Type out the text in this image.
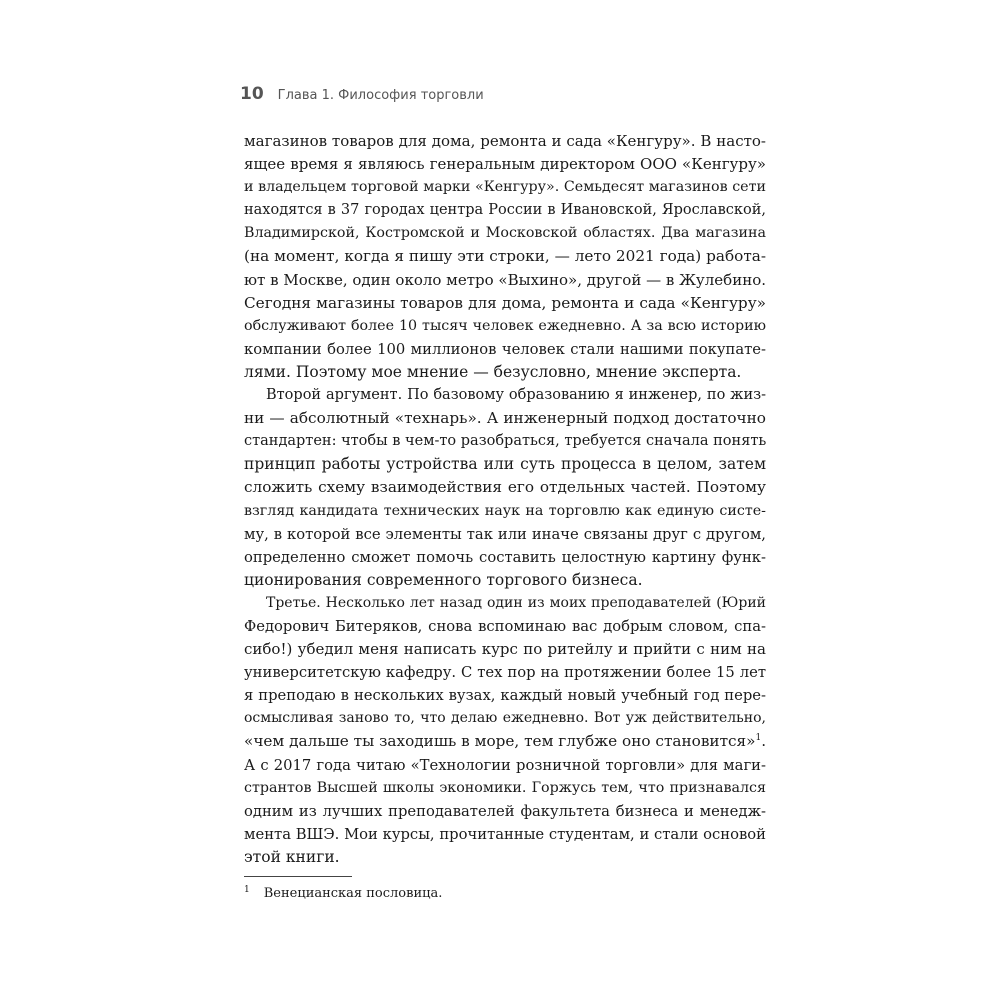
10 Глава 1. Философия торговли
магазинов товаров для дома, ремонта и сада «Кенгуру». В насто-
ящее время я являюсь генеральным директором ООО «Кенгуру»
и владельцем торговой марки «Кенгуру». Семьдесят магазинов сети
находятся в 37 городах центра России в Ивановской, Ярославской,
Владимирской, Костромской и Московской областях. Два магазина
(на момент, когда я пишу эти строки, — лето 2021 года) работа-
ют в Москве, один около метро «Выхино», другой — в Жулебино.
Сегодня магазины товаров для дома, ремонта и сада «Кенгуру»
обслуживают более 10 тысяч человек ежедневно. А за всю историю
компании более 100 миллионов человек стали нашими покупате-
лями. Поэтому мое мнение — безусловно, мнение эксперта.
Второй аргумент. По базовому образованию я инженер, по жиз-
ни — абсолютный «технарь». А инженерный подход достаточно
стандартен: чтобы в чем-то разобраться, требуется сначала понять
принцип работы устройства или суть процесса в целом, затем
сложить схему взаимодействия его отдельных частей. Поэтому
взгляд кандидата технических наук на торговлю как единую систе-
му, в которой все элементы так или иначе связаны друг с другом,
определенно сможет помочь составить целостную картину функ-
ционирования современного торгового бизнеса.
Третье. Несколько лет назад один из моих преподавателей (Юрий
Федорович Битеряков, снова вспоминаю вас добрым словом, спа-
сибо!) убедил меня написать курс по ритейлу и прийти с ним на
университетскую кафедру. С тех пор на протяжении более 15 лет
я преподаю в нескольких вузах, каждый новый учебный год пере-
осмысливая заново то, что делаю ежедневно. Вот уж действительно,
«чем дальше ты заходишь в море, тем глубже оно становится»$^1$.
А с 2017 года читаю «Технологии розничной торговли» для маги-
странтов Высшей школы экономики. Горжусь тем, что признавался
одним из лучших преподавателей факультета бизнеса и менедж-
мента ВШЭ. Мои курсы, прочитанные студентам, и стали основой
этой книги.
$^1$ Венецианская пословица.
